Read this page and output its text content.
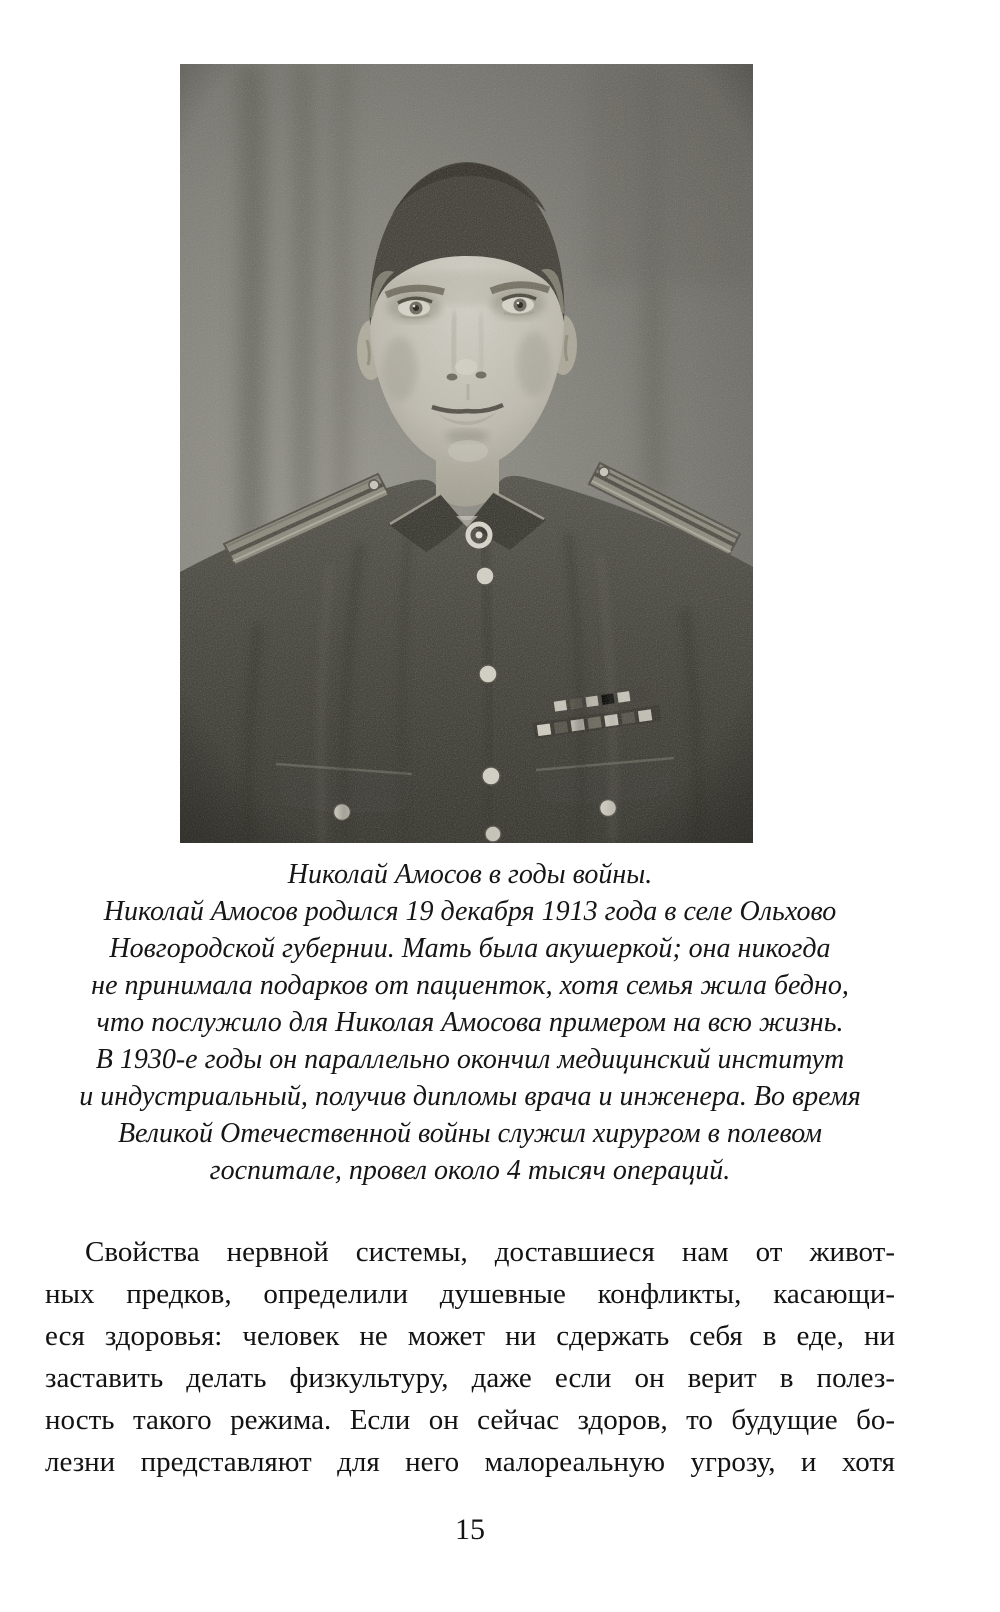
Николай Амосов в годы войны.
Николай Амосов родился 19 декабря 1913 года в селе Ольхово
Новгородской губернии. Мать была акушеркой; она никогда
не принимала подарков от пациенток, хотя семья жила бедно,
что послужило для Николая Амосова примером на всю жизнь.
В 1930-е годы он параллельно окончил медицинский институт
и индустриальный, получив дипломы врача и инженера. Во время
Великой Отечественной войны служил хирургом в полевом
госпитале, провел около 4 тысяч операций.
Свойства нервной системы, доставшиеся нам от живот-
ных предков, определили душевные конфликты, касающи-
еся здоровья: человек не может ни сдержать себя в еде, ни
заставить делать физкультуру, даже если он верит в полез-
ность такого режима. Если он сейчас здоров, то будущие бо-
лезни представляют для него малореальную угрозу, и хотя
15
